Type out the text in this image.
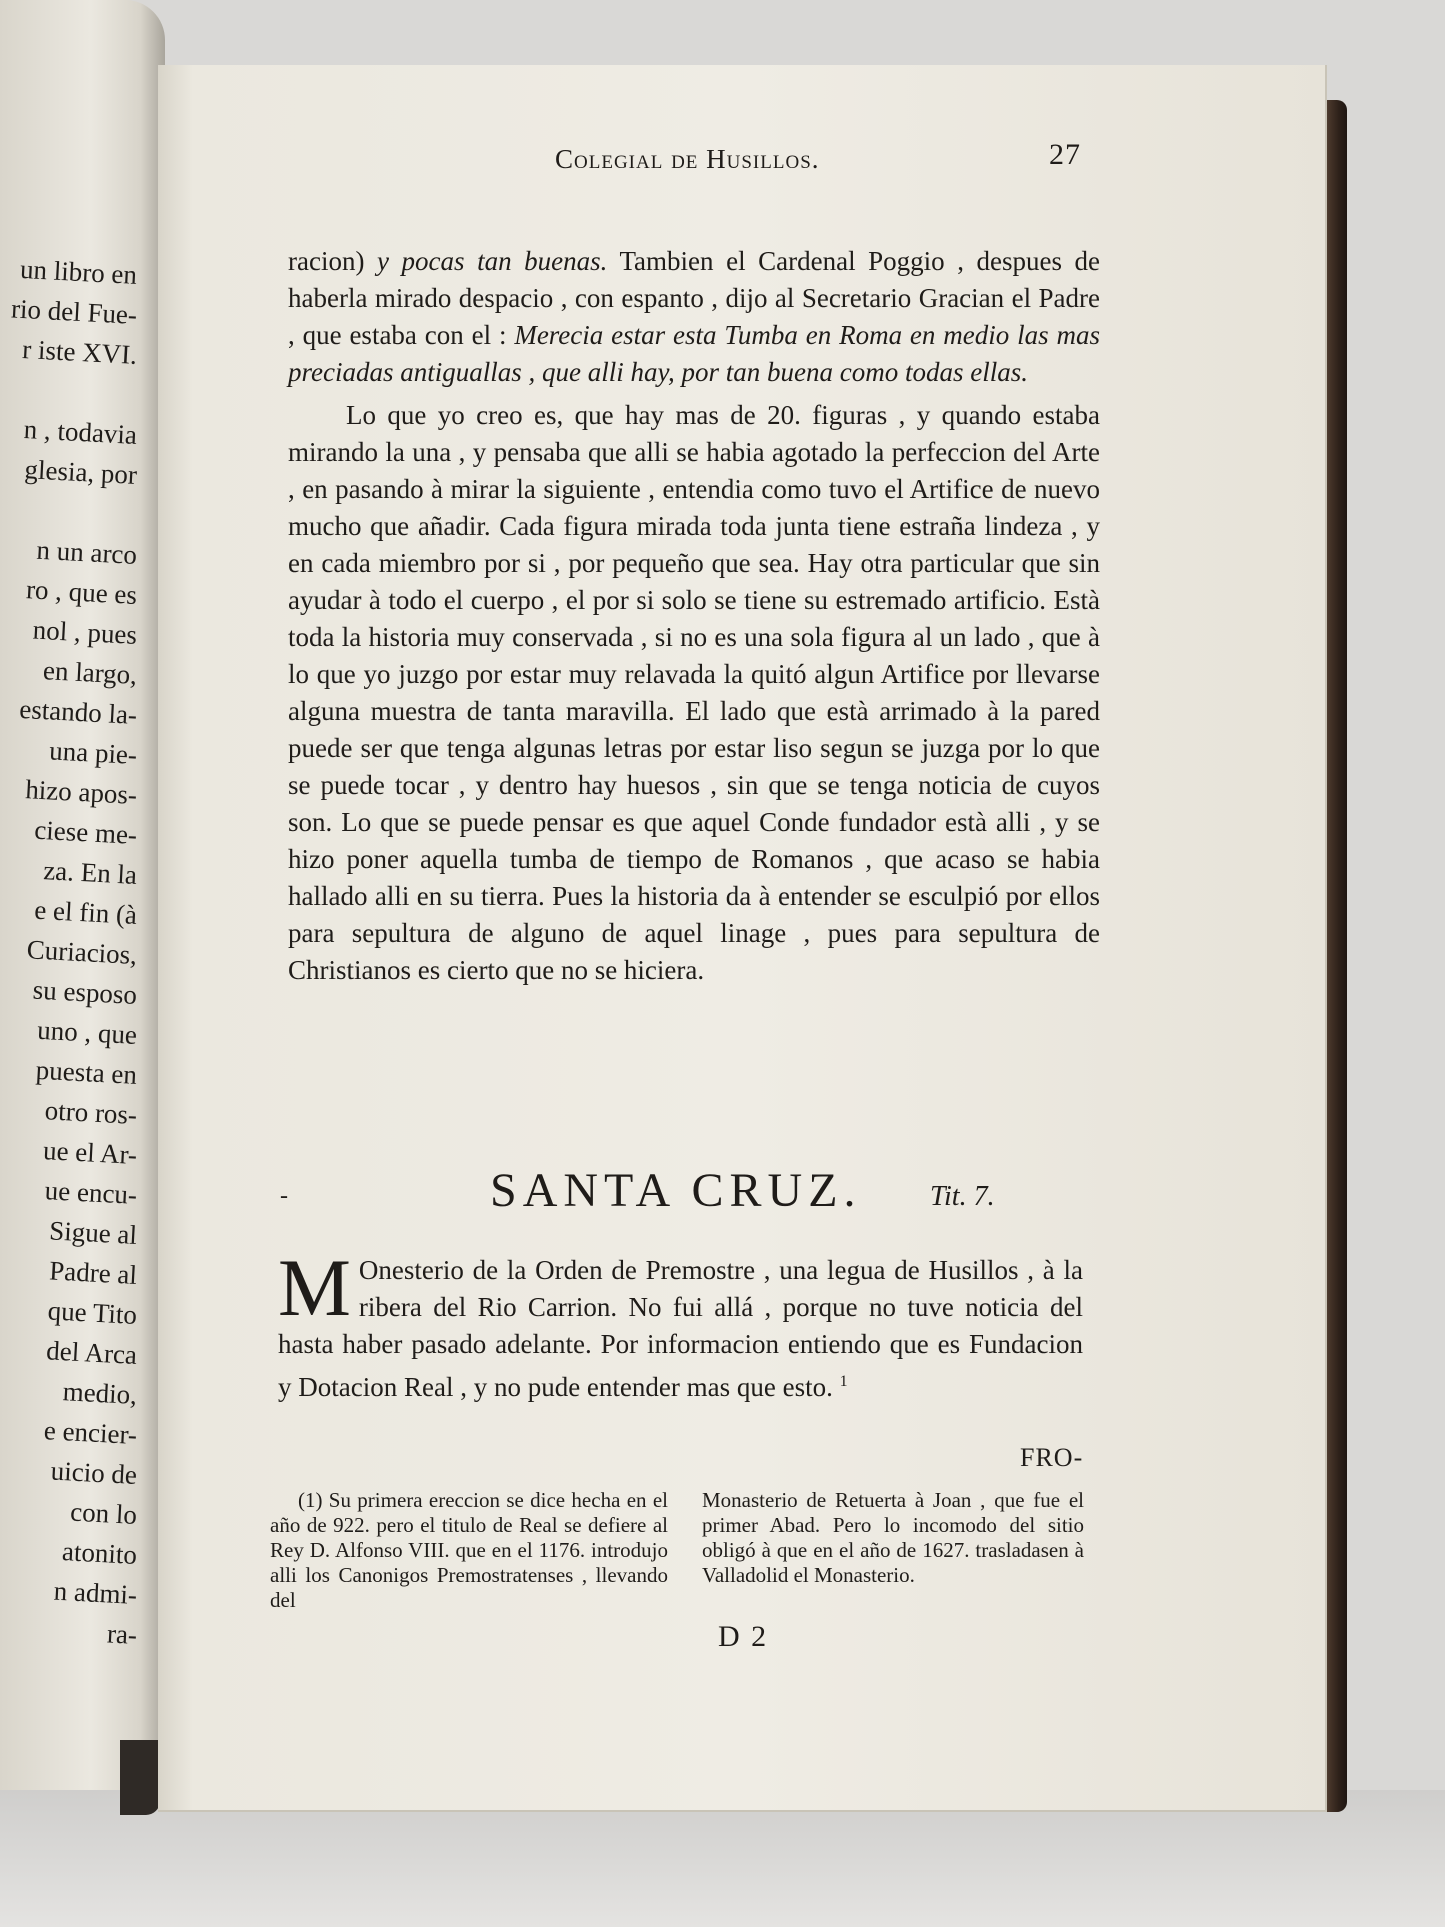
un libro en
rio del Fue-
r iste XVI.
n , todavia
glesia, por
n un arco
ro , que es
nol , pues
en largo,
estando la-
una pie-
hizo apos-
ciese me-
za. En la
e el fin (à
Curiacios,
su esposo
uno , que
puesta en
otro ros-
ue el Ar-
ue encu-
Sigue al
Padre al
que Tito
del Arca
medio,
e encier-
uicio de
con lo
atonito
n admi-
ra-
Colegial de Husillos.	27

racion) y pocas tan buenas. Tambien el Cardenal Poggio , despues de haberla mirado despacio , con espanto , dijo al Secretario Gracian el Padre , que estaba con el : Merecia estar esta Tumba en Roma en medio las mas preciadas antiguallas , que alli hay, por tan buena como todas ellas.

Lo que yo creo es, que hay mas de 20. figuras , y quando estaba mirando la una , y pensaba que alli se habia agotado la perfeccion del Arte , en pasando à mirar la siguiente , entendia como tuvo el Artifice de nuevo mucho que añadir. Cada figura mirada toda junta tiene estraña lindeza , y en cada miembro por si , por pequeño que sea. Hay otra particular que sin ayudar à todo el cuerpo , el por si solo se tiene su estremado artificio. Està toda la historia muy conservada , si no es una sola figura al un lado , que à lo que yo juzgo por estar muy relavada la quitó algun Artifice por llevarse alguna muestra de tanta maravilla. El lado que està arrimado à la pared puede ser que tenga algunas letras por estar liso segun se juzga por lo que se puede tocar , y dentro hay huesos , sin que se tenga noticia de cuyos son. Lo que se puede pensar es que aquel Conde fundador està alli , y se hizo poner aquella tumba de tiempo de Romanos , que acaso se habia hallado alli en su tierra. Pues la historia da à entender se esculpió por ellos para sepultura de alguno de aquel linage , pues para sepultura de Christianos es cierto que no se hiciera.

-	SANTA CRUZ. Tit. 7.
M Onesterio de la Orden de Premostre , una legua de Husillos , à la ribera del Rio Carrion. No fui allá , porque no tuve noticia del hasta haber pasado adelante. Por informacion entiendo que es Fundacion y Dotacion Real , y no pude entender mas que esto. $^1$
FRO-
(1) Su primera ereccion se dice hecha en el año de 922. pero el titulo de Real se defiere al Rey D. Alfonso VIII. que en el 1176. introdujo alli los Canonigos Premostratenses , llevando del
Monasterio de Retuerta à Joan , que fue el primer Abad. Pero lo incomodo del sitio obligó à que en el año de 1627. trasladasen à Valladolid el Monasterio.
D 2
